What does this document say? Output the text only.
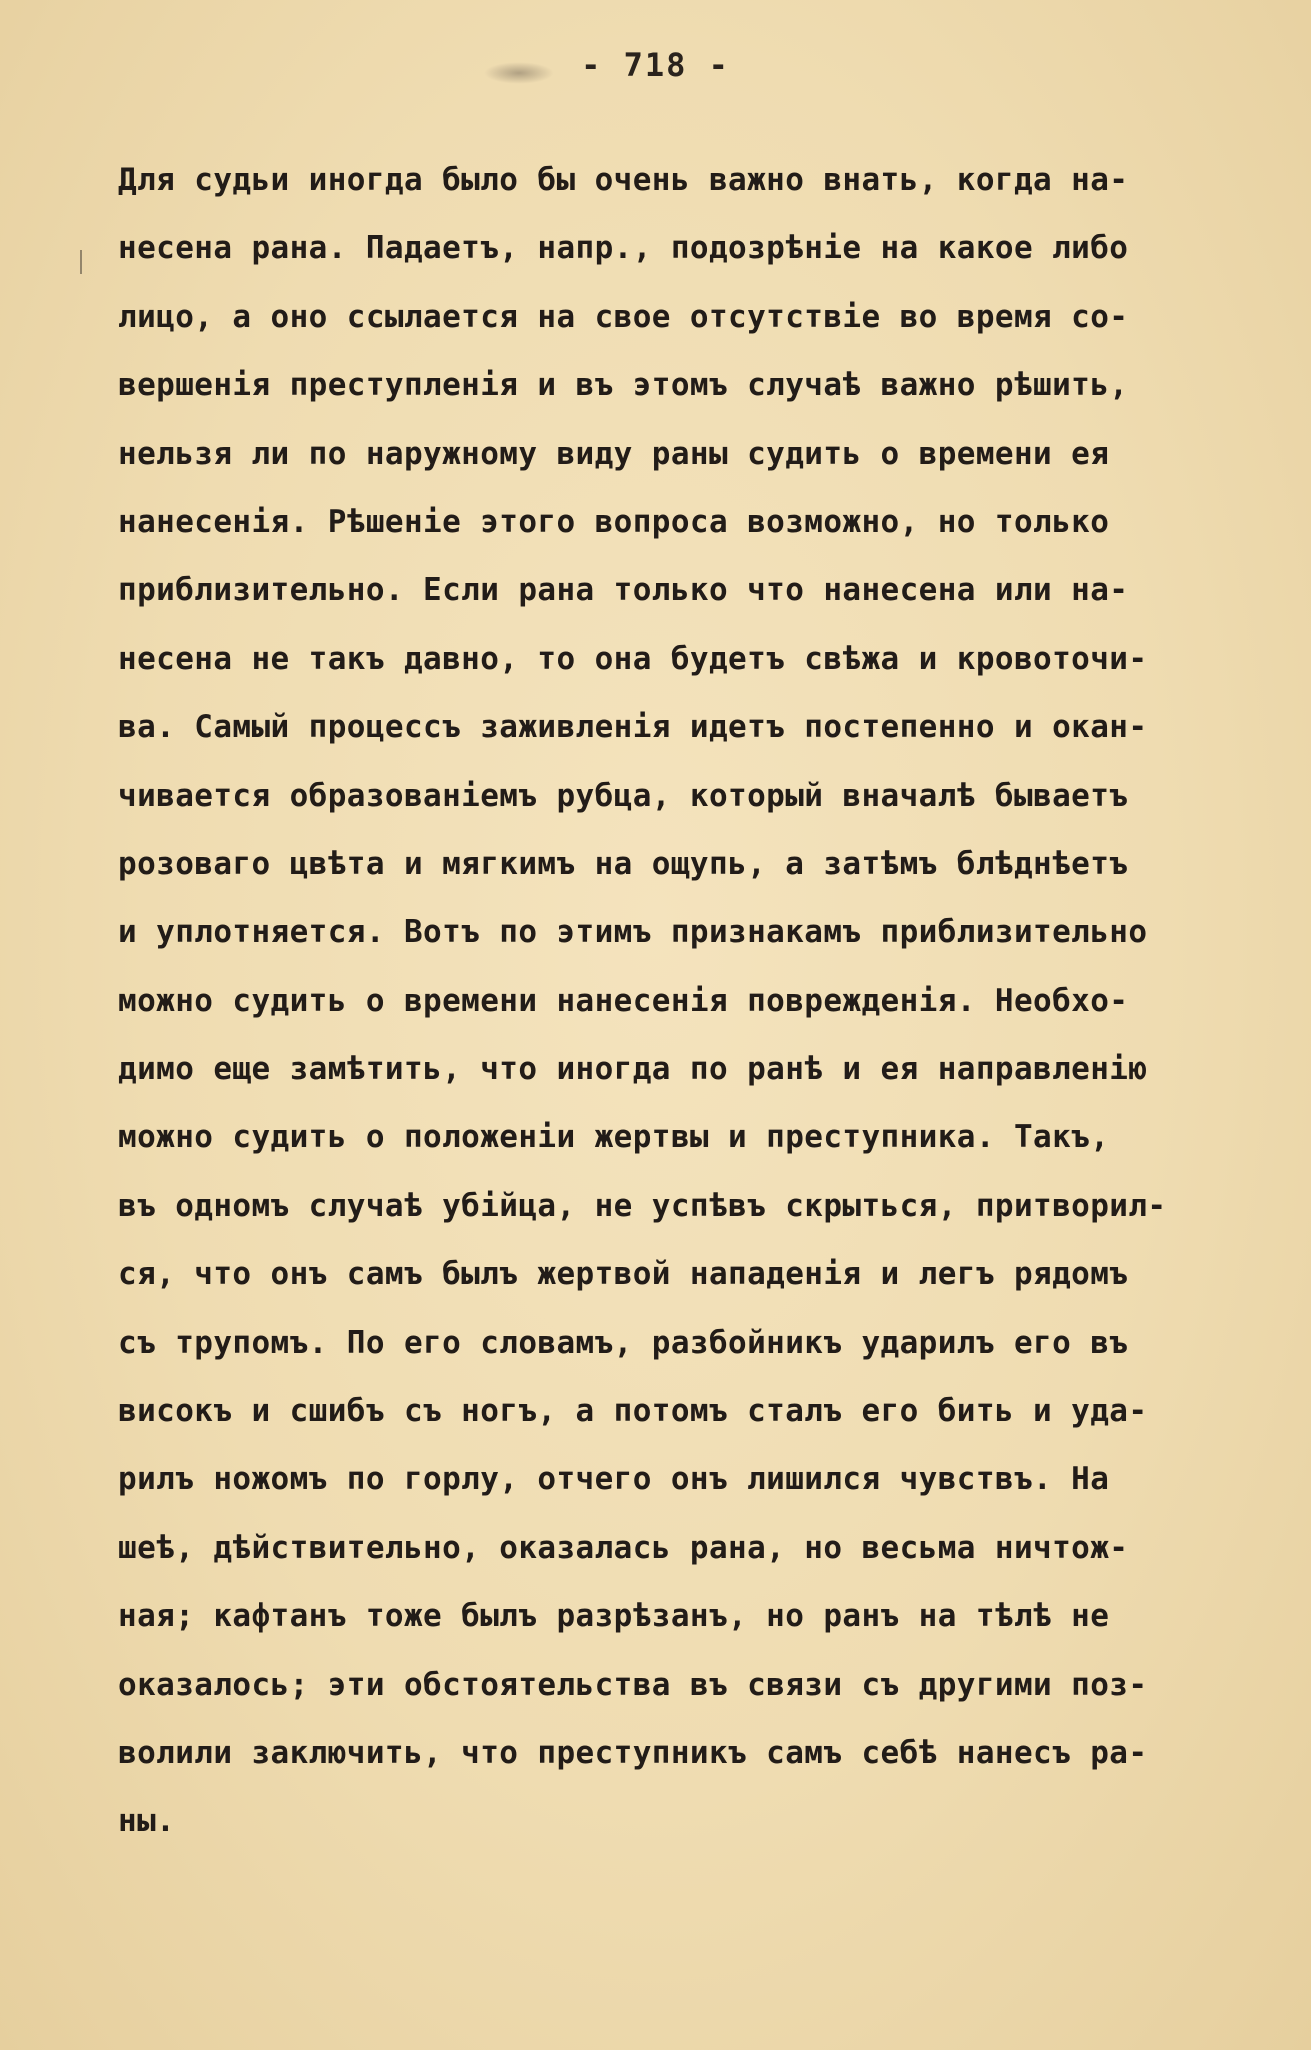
- 718 -
Для судьи иногда было бы очень важно внать, когда на-
несена рана. Падаетъ, напр., подозрѣніе на какое либо
лицо, а оно ссылается на свое отсутствіе во время со-
вершенія преступленія и въ этомъ случаѣ важно рѣшить,
нельзя ли по наружному виду раны судить о времени ея
нанесенія. Рѣшеніе этого вопроса возможно, но только
приблизительно. Если рана только что нанесена или на-
несена не такъ давно, то она будетъ свѣжа и кровоточи-
ва. Самый процессъ заживленія идетъ постепенно и окан-
чивается образованіемъ рубца, который вначалѣ бываетъ
розоваго цвѣта и мягкимъ на ощупь, а затѣмъ блѣднѣетъ
и уплотняется. Вотъ по этимъ признакамъ приблизительно
можно судить о времени нанесенія поврежденія. Необхо-
димо еще замѣтить, что иногда по ранѣ и ея направленію
можно судить о положеніи жертвы и преступника. Такъ,
въ одномъ случаѣ убійца, не успѣвъ скрыться, притворил-
ся, что онъ самъ былъ жертвой нападенія и легъ рядомъ
съ трупомъ. По его словамъ, разбойникъ ударилъ его въ
високъ и сшибъ съ ногъ, а потомъ сталъ его бить и уда-
рилъ ножомъ по горлу, отчего онъ лишился чувствъ. На
шеѣ, дѣйствительно, оказалась рана, но весьма ничтож-
ная; кафтанъ тоже былъ разрѣзанъ, но ранъ на тѣлѣ не
оказалось; эти обстоятельства въ связи съ другими поз-
волили заключить, что преступникъ самъ себѣ нанесъ ра-
ны.
